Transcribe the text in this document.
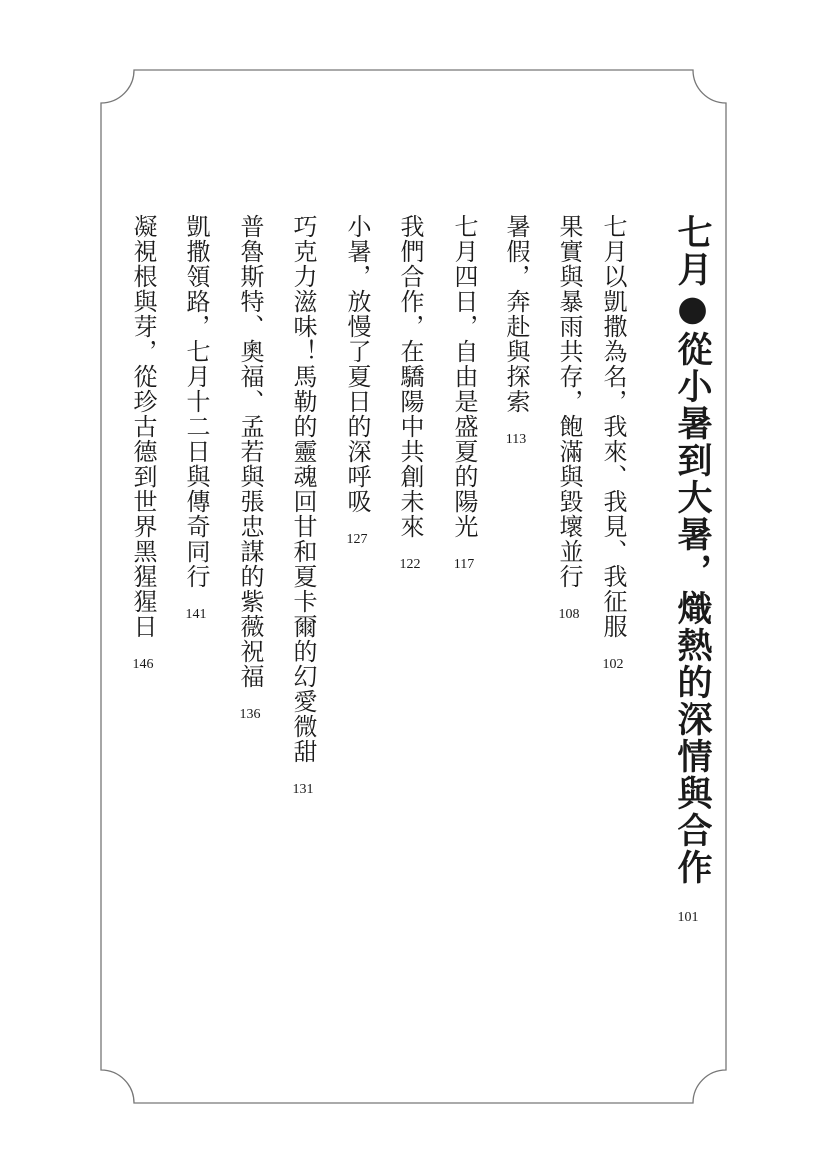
七月●從小暑到大暑，熾熱的深情與合作
101
七月以凱撒為名，我來、我見、我征服
102
果實與暴雨共存，飽滿與毀壞並行
108
暑假，奔赴與探索
113
七月四日，自由是盛夏的陽光
117
我們合作，在驕陽中共創未來
122
小暑，放慢了夏日的深呼吸
127
巧克力滋味！馬勒的靈魂回甘和夏卡爾的幻愛微甜
131
普魯斯特、奧福、孟若與張忠謀的紫薇祝福
136
凱撒領路，七月十二日與傳奇同行
141
凝視根與芽，從珍古德到世界黑猩猩日
146
